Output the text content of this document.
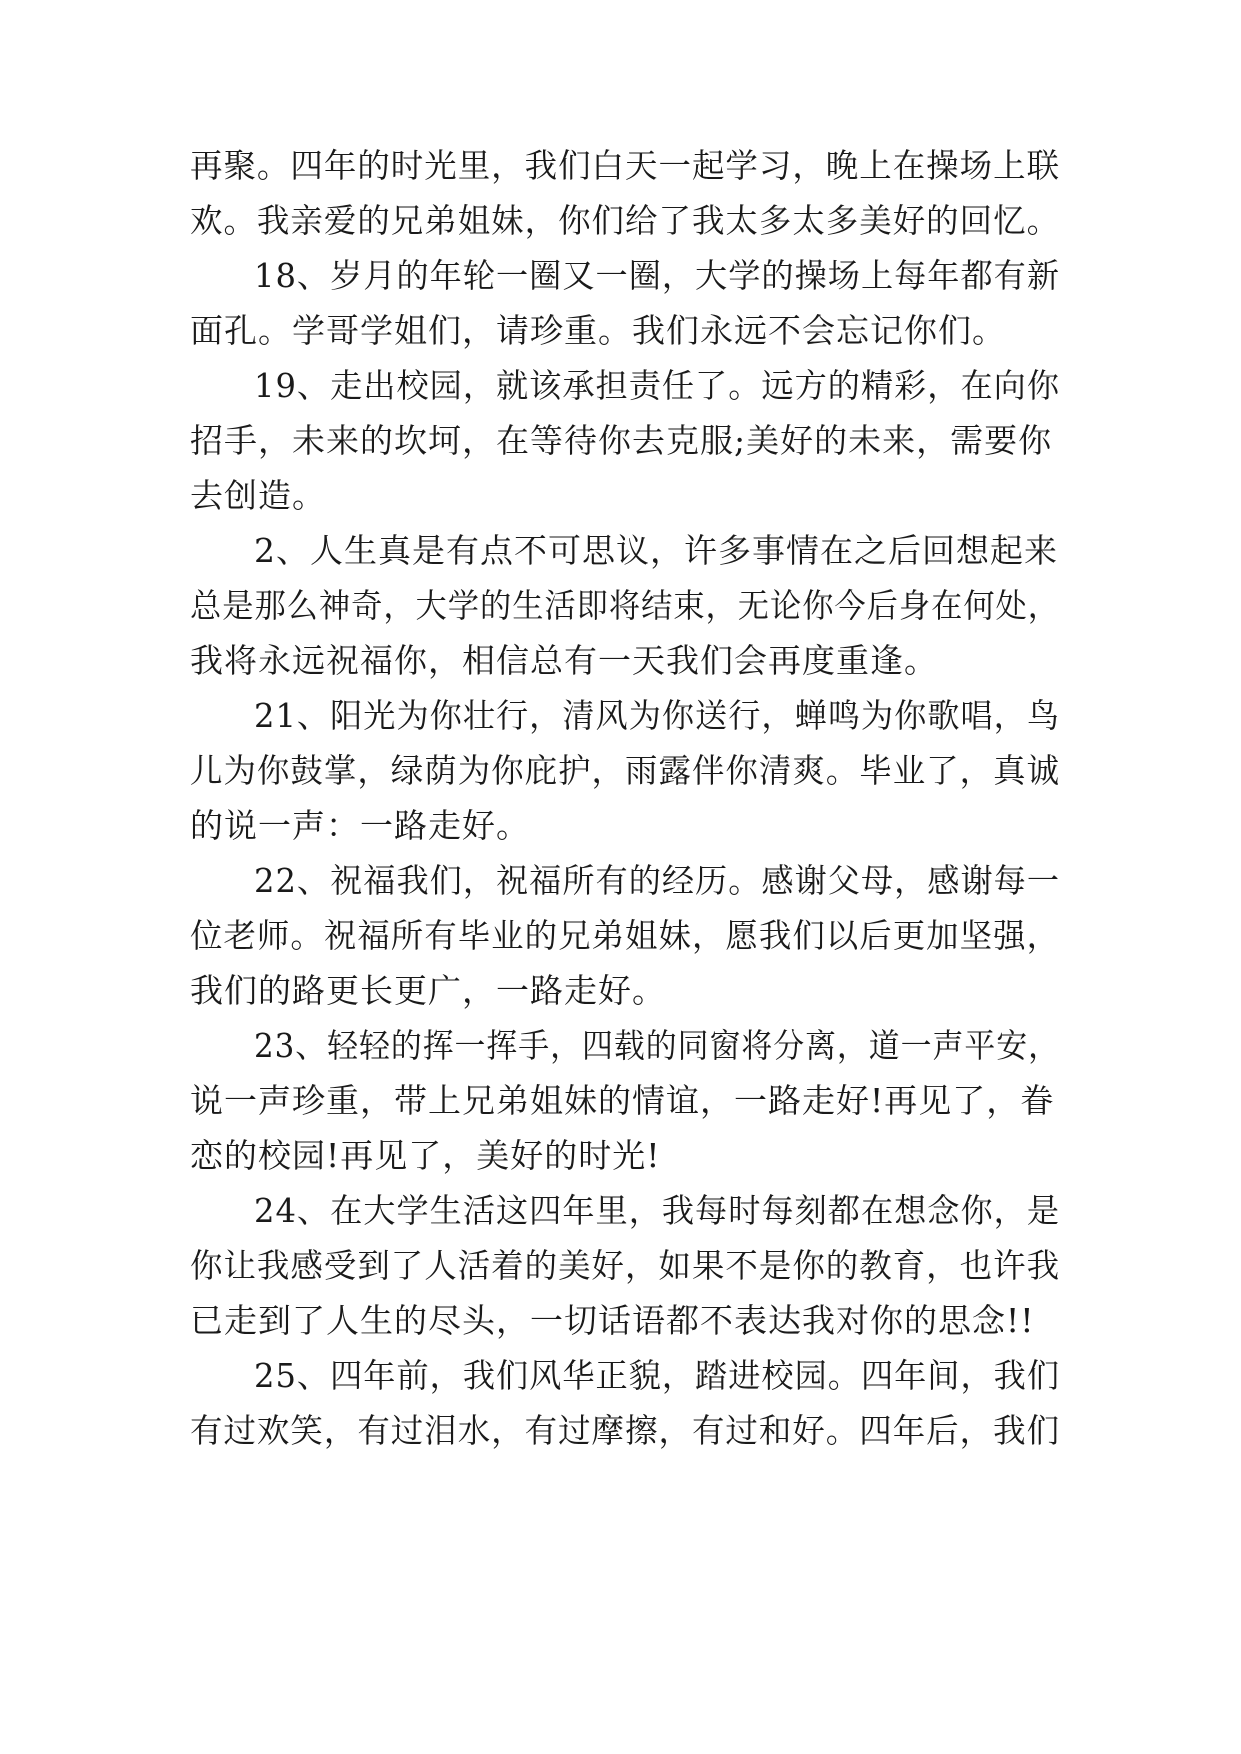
再聚。四年的时光里，我们白天一起学习，晚上在操场上联
欢。我亲爱的兄弟姐妹，你们给了我太多太多美好的回忆。
18、岁月的年轮一圈又一圈，大学的操场上每年都有新
面孔。学哥学姐们，请珍重。我们永远不会忘记你们。
19、走出校园，就该承担责任了。远方的精彩，在向你
招手，未来的坎坷，在等待你去克服;美好的未来，需要你
去创造。
2、人生真是有点不可思议，许多事情在之后回想起来
总是那么神奇，大学的生活即将结束，无论你今后身在何处，
我将永远祝福你，相信总有一天我们会再度重逢。
21、阳光为你壮行，清风为你送行，蝉鸣为你歌唱，鸟
儿为你鼓掌，绿荫为你庇护，雨露伴你清爽。毕业了，真诚
的说一声：一路走好。
22、祝福我们，祝福所有的经历。感谢父母，感谢每一
位老师。祝福所有毕业的兄弟姐妹，愿我们以后更加坚强，
我们的路更长更广，一路走好。
23、轻轻的挥一挥手，四载的同窗将分离，道一声平安，
说一声珍重，带上兄弟姐妹的情谊，一路走好!再见了，眷
恋的校园!再见了，美好的时光!
24、在大学生活这四年里，我每时每刻都在想念你，是
你让我感受到了人活着的美好，如果不是你的教育，也许我
已走到了人生的尽头，一切话语都不表达我对你的思念!!
25、四年前，我们风华正貌，踏进校园。四年间，我们
有过欢笑，有过泪水，有过摩擦，有过和好。四年后，我们
